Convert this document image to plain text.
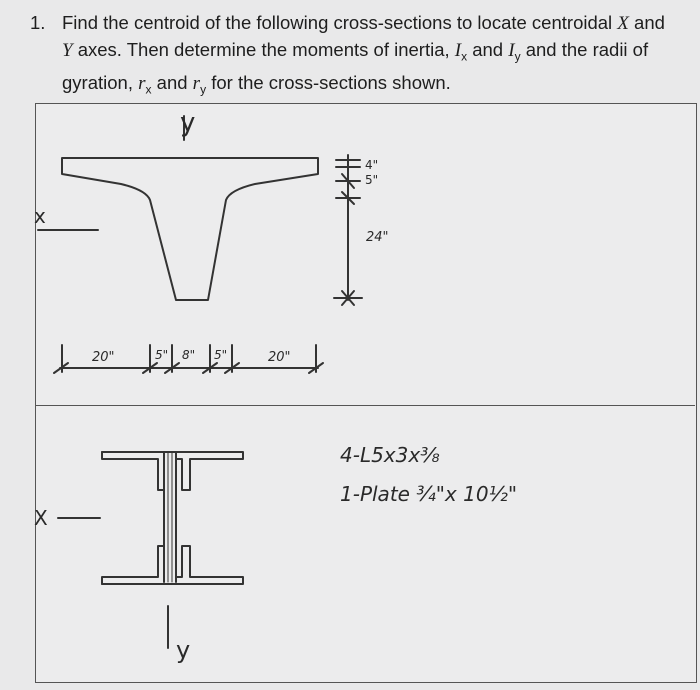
1. Find the centroid of the following cross-sections to locate centroidal X and
Y axes. Then determine the moments of inertia, $I_x$ and $I_y$ and the radii of
gyration, $r_x$ and $r_y$ for the cross-sections shown.
y
x
4"
5"
24"
20"	5" 8" 5"	20"
X
y
4-L5x3x³⁄₈
1-Plate ¾"x 10½"
